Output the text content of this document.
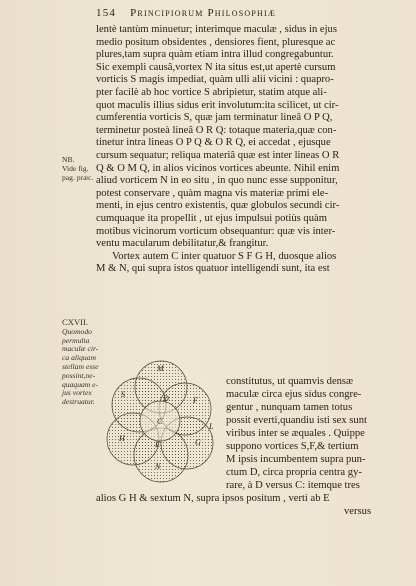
154 Principiorum Philosophiæ
NB.
Vide fig.
pag. præc.
CXVII.
Quomodo
permulta
maculæ cir-
ca aliquam
stellam esse
possint,ne-
quaquam e-
jus vortex
destruatur.
lentè tantùm minuetur; interimque maculæ , sidus in ejus
medio positum obsidentes , densiores fient, pluresque ac
plures,tam supra quàm etiam intra illud congregabuntur.
Sic exempli causâ,vortex N ita situs est,ut apertè cursum
vorticis S magis impediat, quàm ulli alii vicini : quapro-
pter facilè ab hoc vortice S abripietur, statim atque ali-
quot maculis illius sidus erit involutum:ita scilicet, ut cir-
cumferentia vorticis S, quæ jam terminatur lineâ O P Q,
terminetur posteà lineâ O R Q: totaque materia,quæ con-
tinetur intra lineas O P Q & O R Q, ei accedat , ejusque
cursum sequatur; reliqua materiâ quæ est inter lineas O R
Q & O M Q, in alios vicinos vortices abeunte. Nihil enim
aliud vorticem N in eo situ , in quo nunc esse supponitur,
potest conservare , quàm magna vis materiæ primi ele-
menti, in ejus centro existentis, quæ globulos secundi cir-
cumquaque ita propellit , ut ejus impulsui potiùs quàm
motibus vicinorum vorticum obsequantur: quæ vis inter-
ventu macularum debilitatur,& frangitur.
Vortex autem C inter quatuor S F G H, duosque alios
M & N, qui supra istos quatuor intelligendi sunt, ita est
M
D	F
C
S
E
H
N
G
L
constitutus, ut quamvis densæ
maculæ circa ejus sidus congre-
gentur , nunquam tamen totus
possit everti,quandiu isti sex sunt
viribus inter se æquales . Quippe
suppono vortices S,F,& tertium
M ipsis incumbentem supra pun-
ctum D, circa propria centra gy-
rare, à D versus C: itemque tres
alios G H & sextum N, supra ipsos positum , verti ab E
versus
